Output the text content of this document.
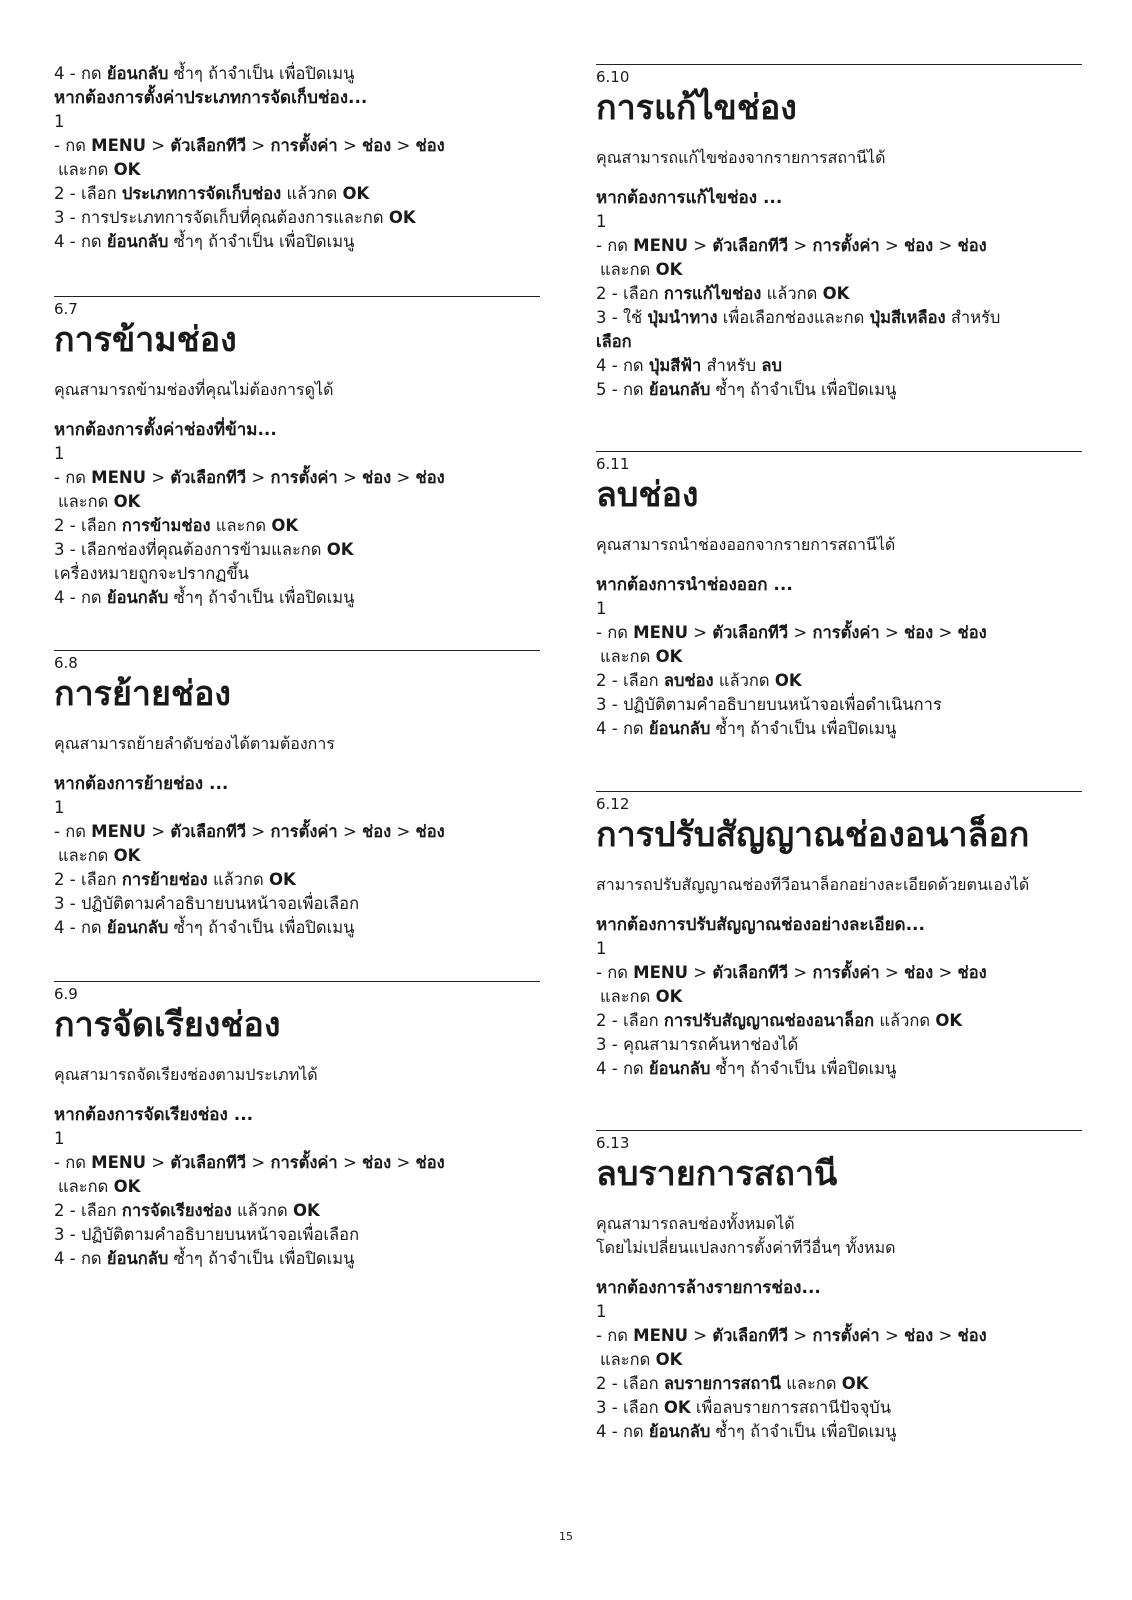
4 - กด ย้อนกลับ ซ้ำๆ ถ้าจำเป็น เพื่อปิดเมนู
หากต้องการตั้งค่าประเภทการจัดเก็บช่อง...
1
- กด MENU > ตัวเลือกทีวี > การตั้งค่า > ช่อง > ช่อง
และกด OK
2 - เลือก ประเภทการจัดเก็บช่อง แล้วกด OK
3 - การประเภทการจัดเก็บที่คุณต้องการและกด OK
4 - กด ย้อนกลับ ซ้ำๆ ถ้าจำเป็น เพื่อปิดเมนู
6.7
การข้ามช่อง
คุณสามารถข้ามช่องที่คุณไม่ต้องการดูได้
หากต้องการตั้งค่าช่องที่ข้าม...
1
- กด MENU > ตัวเลือกทีวี > การตั้งค่า > ช่อง > ช่อง
และกด OK
2 - เลือก การข้ามช่อง และกด OK
3 - เลือกช่องที่คุณต้องการข้ามและกด OK
เครื่องหมายถูกจะปรากฏขึ้น
4 - กด ย้อนกลับ ซ้ำๆ ถ้าจำเป็น เพื่อปิดเมนู
6.8
การย้ายช่อง
คุณสามารถย้ายลำดับช่องได้ตามต้องการ
หากต้องการย้ายช่อง ...
1
- กด MENU > ตัวเลือกทีวี > การตั้งค่า > ช่อง > ช่อง
และกด OK
2 - เลือก การย้ายช่อง แล้วกด OK
3 - ปฏิบัติตามคำอธิบายบนหน้าจอเพื่อเลือก
4 - กด ย้อนกลับ ซ้ำๆ ถ้าจำเป็น เพื่อปิดเมนู
6.9
การจัดเรียงช่อง
คุณสามารถจัดเรียงช่องตามประเภทได้
หากต้องการจัดเรียงช่อง ...
1
- กด MENU > ตัวเลือกทีวี > การตั้งค่า > ช่อง > ช่อง
และกด OK
2 - เลือก การจัดเรียงช่อง แล้วกด OK
3 - ปฏิบัติตามคำอธิบายบนหน้าจอเพื่อเลือก
4 - กด ย้อนกลับ ซ้ำๆ ถ้าจำเป็น เพื่อปิดเมนู
6.10
การแก้ไขช่อง
คุณสามารถแก้ไขช่องจากรายการสถานีได้
หากต้องการแก้ไขช่อง ...
1
- กด MENU > ตัวเลือกทีวี > การตั้งค่า > ช่อง > ช่อง
และกด OK
2 - เลือก การแก้ไขช่อง แล้วกด OK
3 - ใช้ ปุ่มนำทาง เพื่อเลือกช่องและกด ปุ่มสีเหลือง สำหรับ
เลือก
4 - กด ปุ่มสีฟ้า สำหรับ ลบ
5 - กด ย้อนกลับ ซ้ำๆ ถ้าจำเป็น เพื่อปิดเมนู
6.11
ลบช่อง
คุณสามารถนำช่องออกจากรายการสถานีได้
หากต้องการนำช่องออก ...
1
- กด MENU > ตัวเลือกทีวี > การตั้งค่า > ช่อง > ช่อง
และกด OK
2 - เลือก ลบช่อง แล้วกด OK
3 - ปฏิบัติตามคำอธิบายบนหน้าจอเพื่อดำเนินการ
4 - กด ย้อนกลับ ซ้ำๆ ถ้าจำเป็น เพื่อปิดเมนู
6.12
การปรับสัญญาณช่องอนาล็อก
สามารถปรับสัญญาณช่องทีวีอนาล็อกอย่างละเอียดด้วยตนเองได้
หากต้องการปรับสัญญาณช่องอย่างละเอียด...
1
- กด MENU > ตัวเลือกทีวี > การตั้งค่า > ช่อง > ช่อง
และกด OK
2 - เลือก การปรับสัญญาณช่องอนาล็อก แล้วกด OK
3 - คุณสามารถค้นหาช่องได้
4 - กด ย้อนกลับ ซ้ำๆ ถ้าจำเป็น เพื่อปิดเมนู
6.13
ลบรายการสถานี
คุณสามารถลบช่องทั้งหมดได้
โดยไม่เปลี่ยนแปลงการตั้งค่าทีวีอื่นๆ ทั้งหมด
หากต้องการล้างรายการช่อง...
1
- กด MENU > ตัวเลือกทีวี > การตั้งค่า > ช่อง > ช่อง
และกด OK
2 - เลือก ลบรายการสถานี และกด OK
3 - เลือก OK เพื่อลบรายการสถานีปัจจุบัน
4 - กด ย้อนกลับ ซ้ำๆ ถ้าจำเป็น เพื่อปิดเมนู
15
